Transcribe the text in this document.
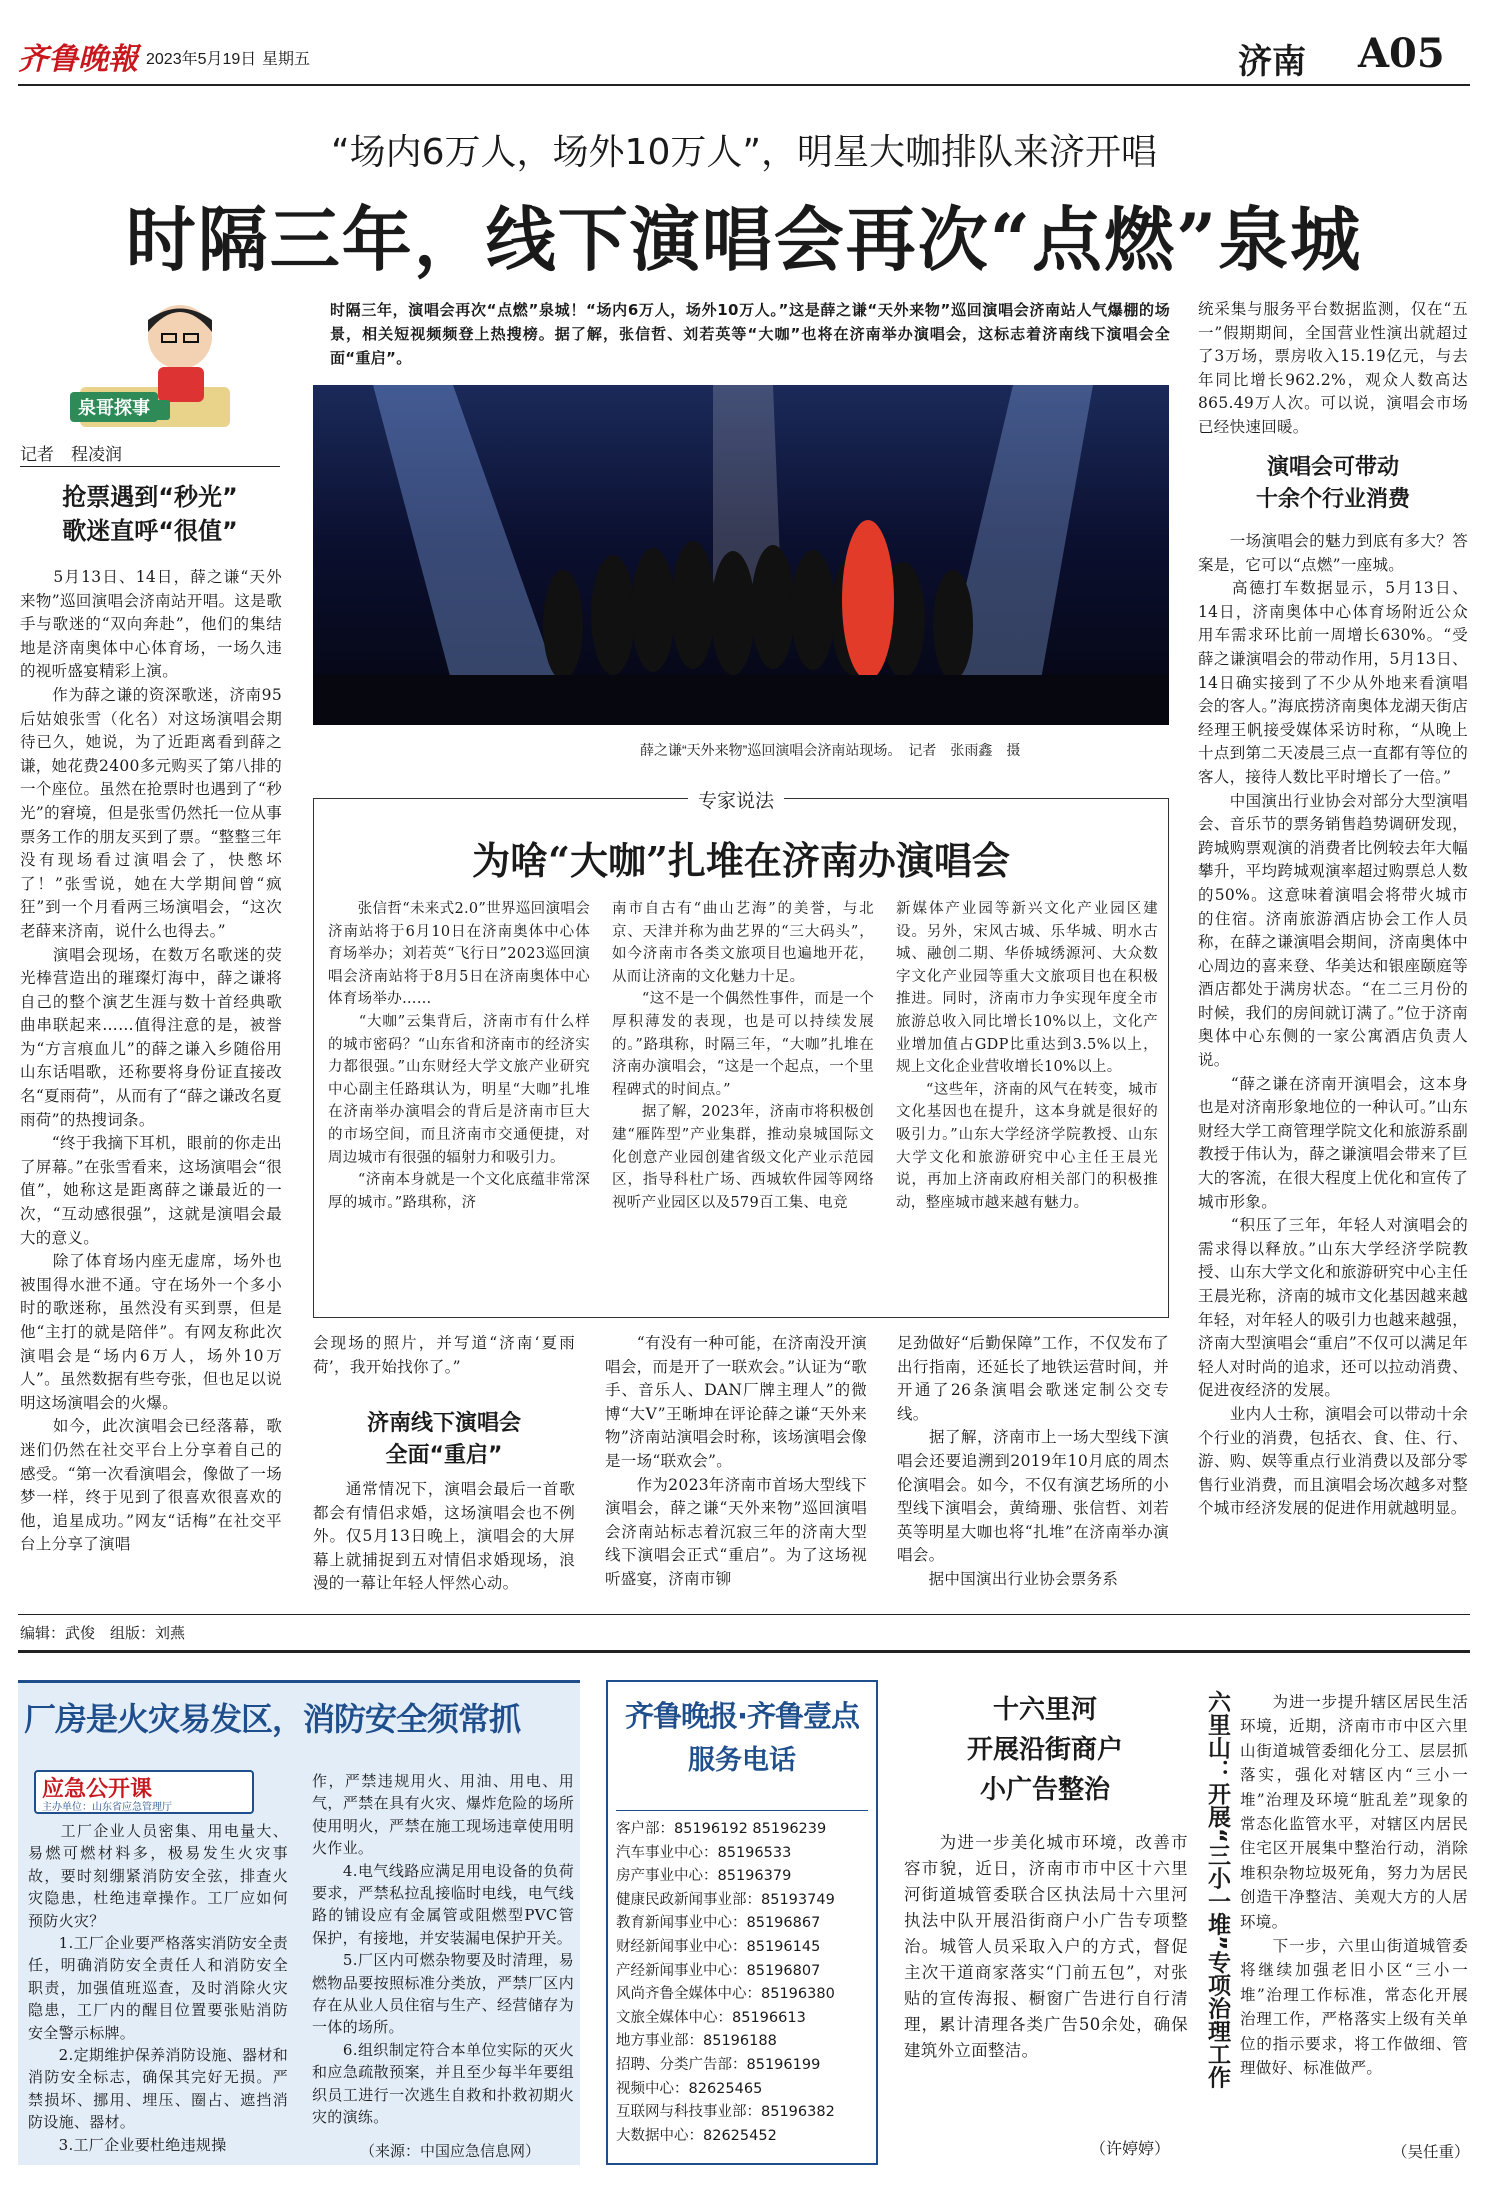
齐鲁晚報 2023年5月19日 星期五	济南 A05
“场内6万人，场外10万人”，明星大咖排队来济开唱
时隔三年，线下演唱会再次“点燃”泉城
泉哥探事
记者　程凌润
时隔三年，演唱会再次“点燃”泉城！“场内6万人，场外10万人。”这是薛之谦“天外来物”巡回演唱会济南站人气爆棚的场景，相关短视频频登上热搜榜。据了解，张信哲、刘若英等“大咖”也将在济南举办演唱会，这标志着济南线下演唱会全面“重启”。
薛之谦“天外来物”巡回演唱会济南站现场。　记者　张雨鑫　摄
抢票遇到“秒光”
歌迷直呼“很值”
　　5月13日、14日，薛之谦“天外来物”巡回演唱会济南站开唱。这是歌手与歌迷的“双向奔赴”，他们的集结地是济南奥体中心体育场，一场久违的视听盛宴精彩上演。
　　作为薛之谦的资深歌迷，济南95后姑娘张雪（化名）对这场演唱会期待已久，她说，为了近距离看到薛之谦，她花费2400多元购买了第八排的一个座位。虽然在抢票时也遇到了“秒光”的窘境，但是张雪仍然托一位从事票务工作的朋友买到了票。“整整三年没有现场看过演唱会了，快憋坏了！”张雪说，她在大学期间曾“疯狂”到一个月看两三场演唱会，“这次老薛来济南，说什么也得去。”
　　演唱会现场，在数万名歌迷的荧光棒营造出的璀璨灯海中，薛之谦将自己的整个演艺生涯与数十首经典歌曲串联起来……值得注意的是，被誉为“方言痕血儿”的薛之谦入乡随俗用山东话唱歌，还称要将身份证直接改名“夏雨荷”，从而有了“薛之谦改名夏雨荷”的热搜词条。
　　“终于我摘下耳机，眼前的你走出了屏幕。”在张雪看来，这场演唱会“很值”，她称这是距离薛之谦最近的一次，“互动感很强”，这就是演唱会最大的意义。
　　除了体育场内座无虚席，场外也被围得水泄不通。守在场外一个多小时的歌迷称，虽然没有买到票，但是他“主打的就是陪伴”。有网友称此次演唱会是“场内6万人，场外10万人”。虽然数据有些夸张，但也足以说明这场演唱会的火爆。
　　如今，此次演唱会已经落幕，歌迷们仍然在社交平台上分享着自己的感受。“第一次看演唱会，像做了一场梦一样，终于见到了很喜欢很喜欢的他，追星成功。”网友“话梅”在社交平台上分享了演唱
专家说法
为啥“大咖”扎堆在济南办演唱会
　　张信哲“未来式2.0”世界巡回演唱会济南站将于6月10日在济南奥体中心体育场举办；刘若英“飞行日”2023巡回演唱会济南站将于8月5日在济南奥体中心体育场举办……
　　“大咖”云集背后，济南市有什么样的城市密码？“山东省和济南市的经济实力都很强。”山东财经大学文旅产业研究中心副主任路琪认为，明星“大咖”扎堆在济南举办演唱会的背后是济南市巨大的市场空间，而且济南市交通便捷，对周边城市有很强的辐射力和吸引力。
　　“济南本身就是一个文化底蕴非常深厚的城市。”路琪称，济
南市自古有“曲山艺海”的美誉，与北京、天津并称为曲艺界的“三大码头”，如今济南市各类文旅项目也遍地开花，从而让济南的文化魅力十足。
　　“这不是一个偶然性事件，而是一个厚积薄发的表现，也是可以持续发展的。”路琪称，时隔三年，“大咖”扎堆在济南办演唱会，“这是一个起点，一个里程碑式的时间点。”
　　据了解，2023年，济南市将积极创建“雁阵型”产业集群，推动泉城国际文化创意产业园创建省级文化产业示范园区，指导科杜广场、西城软件园等网络视听产业园区以及579百工集、电竞
新媒体产业园等新兴文化产业园区建设。另外，宋风古城、乐华城、明水古城、融创二期、华侨城绣源河、大众数字文化产业园等重大文旅项目也在积极推进。同时，济南市力争实现年度全市旅游总收入同比增长10%以上，文化产业增加值占GDP比重达到3.5%以上，规上文化企业营收增长10%以上。
　　“这些年，济南的风气在转变，城市文化基因也在提升，这本身就是很好的吸引力。”山东大学经济学院教授、山东大学文化和旅游研究中心主任王晨光说，再加上济南政府相关部门的积极推动，整座城市越来越有魅力。
会现场的照片，并写道“济南‘夏雨荷’，我开始找你了。”
济南线下演唱会
全面“重启”
　　通常情况下，演唱会最后一首歌都会有情侣求婚，这场演唱会也不例外。仅5月13日晚上，演唱会的大屏幕上就捕捉到五对情侣求婚现场，浪漫的一幕让年轻人怦然心动。
　　“有没有一种可能，在济南没开演唱会，而是开了一联欢会。”认证为“歌手、音乐人、DAN厂牌主理人”的微博“大V”王晰坤在评论薛之谦“天外来物”济南站演唱会时称，该场演唱会像是一场“联欢会”。
　　作为2023年济南市首场大型线下演唱会，薛之谦“天外来物”巡回演唱会济南站标志着沉寂三年的济南大型线下演唱会正式“重启”。为了这场视听盛宴，济南市铆
足劲做好“后勤保障”工作，不仅发布了出行指南，还延长了地铁运营时间，并开通了26条演唱会歌迷定制公交专线。
　　据了解，济南市上一场大型线下演唱会还要追溯到2019年10月底的周杰伦演唱会。如今，不仅有演艺场所的小型线下演唱会，黄绮珊、张信哲、刘若英等明星大咖也将“扎堆”在济南举办演唱会。
　　据中国演出行业协会票务系
统采集与服务平台数据监测，仅在“五一”假期期间，全国营业性演出就超过了3万场，票房收入15.19亿元，与去年同比增长962.2%，观众人数高达865.49万人次。可以说，演唱会市场已经快速回暖。
演唱会可带动
十余个行业消费
　　一场演唱会的魅力到底有多大？答案是，它可以“点燃”一座城。
　　高德打车数据显示，5月13日、14日，济南奥体中心体育场附近公众用车需求环比前一周增长630%。“受薛之谦演唱会的带动作用，5月13日、14日确实接到了不少从外地来看演唱会的客人。”海底捞济南奥体龙湖天街店经理王帆接受媒体采访时称，“从晚上十点到第二天凌晨三点一直都有等位的客人，接待人数比平时增长了一倍。”
　　中国演出行业协会对部分大型演唱会、音乐节的票务销售趋势调研发现，跨城购票观演的消费者比例较去年大幅攀升，平均跨城观演率超过购票总人数的50%。这意味着演唱会将带火城市的住宿。济南旅游酒店协会工作人员称，在薛之谦演唱会期间，济南奥体中心周边的喜来登、华美达和银座颐庭等酒店都处于满房状态。“在二三月份的时候，我们的房间就订满了。”位于济南奥体中心东侧的一家公寓酒店负责人说。
　　“薛之谦在济南开演唱会，这本身也是对济南形象地位的一种认可。”山东财经大学工商管理学院文化和旅游系副教授于伟认为，薛之谦演唱会带来了巨大的客流，在很大程度上优化和宣传了城市形象。
　　“积压了三年，年轻人对演唱会的需求得以释放。”山东大学经济学院教授、山东大学文化和旅游研究中心主任王晨光称，济南的城市文化基因越来越年轻，对年轻人的吸引力也越来越强，济南大型演唱会“重启”不仅可以满足年轻人对时尚的追求，还可以拉动消费、促进夜经济的发展。
　　业内人士称，演唱会可以带动十余个行业的消费，包括衣、食、住、行、游、购、娱等重点行业消费以及部分零售行业消费，而且演唱会场次越多对整个城市经济发展的促进作用就越明显。
编辑：武俊　组版：刘燕
厂房是火灾易发区，消防安全须常抓
应急公开课
主办单位：山东省应急管理厅
　　工厂企业人员密集、用电量大、易燃可燃材料多，极易发生火灾事故，要时刻绷紧消防安全弦，排查火灾隐患，杜绝违章操作。工厂应如何预防火灾？
　　1.工厂企业要严格落实消防安全责任，明确消防安全责任人和消防安全职责，加强值班巡查，及时消除火灾隐患，工厂内的醒目位置要张贴消防安全警示标牌。
　　2.定期维护保养消防设施、器材和消防安全标志，确保其完好无损。严禁损坏、挪用、埋压、圈占、遮挡消防设施、器材。
　　3.工厂企业要杜绝违规操
作，严禁违规用火、用油、用电、用气，严禁在具有火灾、爆炸危险的场所使用明火，严禁在施工现场违章使用明火作业。
　　4.电气线路应满足用电设备的负荷要求，严禁私拉乱接临时电线，电气线路的铺设应有金属管或阻燃型PVC管保护，有接地，并安装漏电保护开关。
　　5.厂区内可燃杂物要及时清理，易燃物品要按照标准分类放，严禁厂区内存在从业人员住宿与生产、经营储存为一体的场所。
　　6.组织制定符合本单位实际的灭火和应急疏散预案，并且至少每半年要组织员工进行一次逃生自救和扑救初期火灾的演练。
（来源：中国应急信息网）
齐鲁晚报·齐鲁壹点
服务电话
客户部：85196192 85196239
汽车事业中心：85196533
房产事业中心：85196379
健康民政新闻事业部：85193749
教育新闻事业中心：85196867
财经新闻事业中心：85196145
产经新闻事业中心：85196807
风尚齐鲁全媒体中心：85196380
文旅全媒体中心：85196613
地方事业部：85196188
招聘、分类广告部：85196199
视频中心：82625465
互联网与科技事业部：85196382
大数据中心：82625452
十六里河
开展沿街商户
小广告整治
　　为进一步美化城市环境，改善市容市貌，近日，济南市市中区十六里河街道城管委联合区执法局十六里河执法中队开展沿街商户小广告专项整治。城管人员采取入户的方式，督促主次干道商家落实“门前五包”，对张贴的宣传海报、橱窗广告进行自行清理，累计清理各类广告50余处，确保建筑外立面整洁。
（许婷婷）
六里山：开展“三小一堆”专项治理工作	　　为进一步提升辖区居民生活环境，近期，济南市市中区六里山街道城管委细化分工、层层抓落实，强化对辖区内“三小一堆”治理及环境“脏乱差”现象的常态化监管水平，对辖区内居民住宅区开展集中整治行动，消除堆积杂物垃圾死角，努力为居民创造干净整洁、美观大方的人居环境。
　　下一步，六里山街道城管委将继续加强老旧小区“三小一堆”治理工作标准，常态化开展治理工作，严格落实上级有关单位的指示要求，将工作做细、管理做好、标准做严。
（吴任重）
